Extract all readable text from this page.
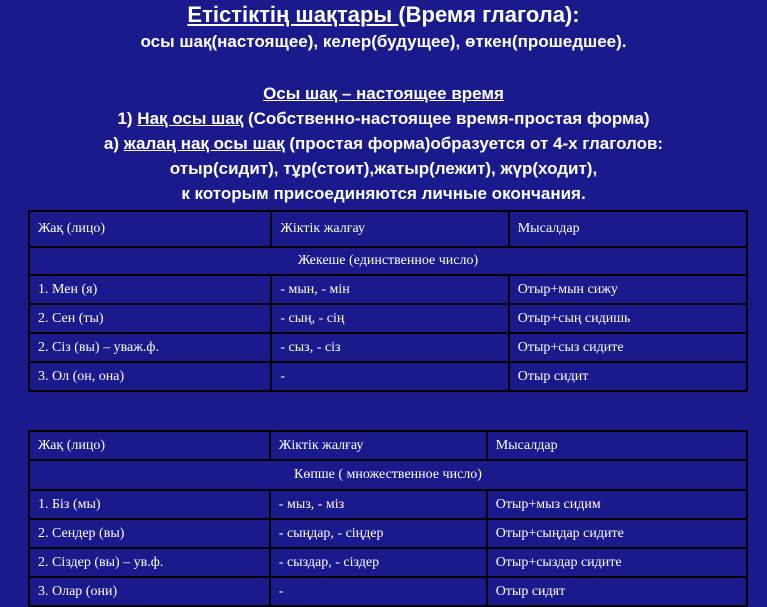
Етістіктің шақтары (Время глагола):
осы шақ(настоящее), келер(будущее), өткен(прошедшее).
Осы шақ – настоящее время
1) Нақ осы шақ (Собственно-настоящее время-простая форма)
а) жалаң нақ осы шақ (простая форма)образуется от 4-х глаголов:
отыр(сидит), тұр(стоит),жатыр(лежит), жүр(ходит),
к которым присоединяются личные окончания.
Жақ (лицо)	Жіктік жалғау	Мысалдар
Жекеше (единственное число)		
1. Мен (я)	- мын, - мін	Отыр+мын сижу
2. Сен (ты)	- сың, - сің	Отыр+сың сидишь
2. Сіз (вы) – уваж.ф.	- сыз, - сіз	Отыр+сыз сидите
3. Ол (он, она)	-	Отыр сидит
Жақ (лицо)	Жіктік жалғау	Мысалдар
Көпше ( множественное число)		
1. Біз (мы)	- мыз, - міз	Отыр+мыз сидим
2. Сендер (вы)	- сыңдар, - сіңдер	Отыр+сыңдар сидите
2. Сіздер (вы) – ув.ф.	- сыздар, - сіздер	Отыр+сыздар сидите
3. Олар (они)	-	Отыр сидят
